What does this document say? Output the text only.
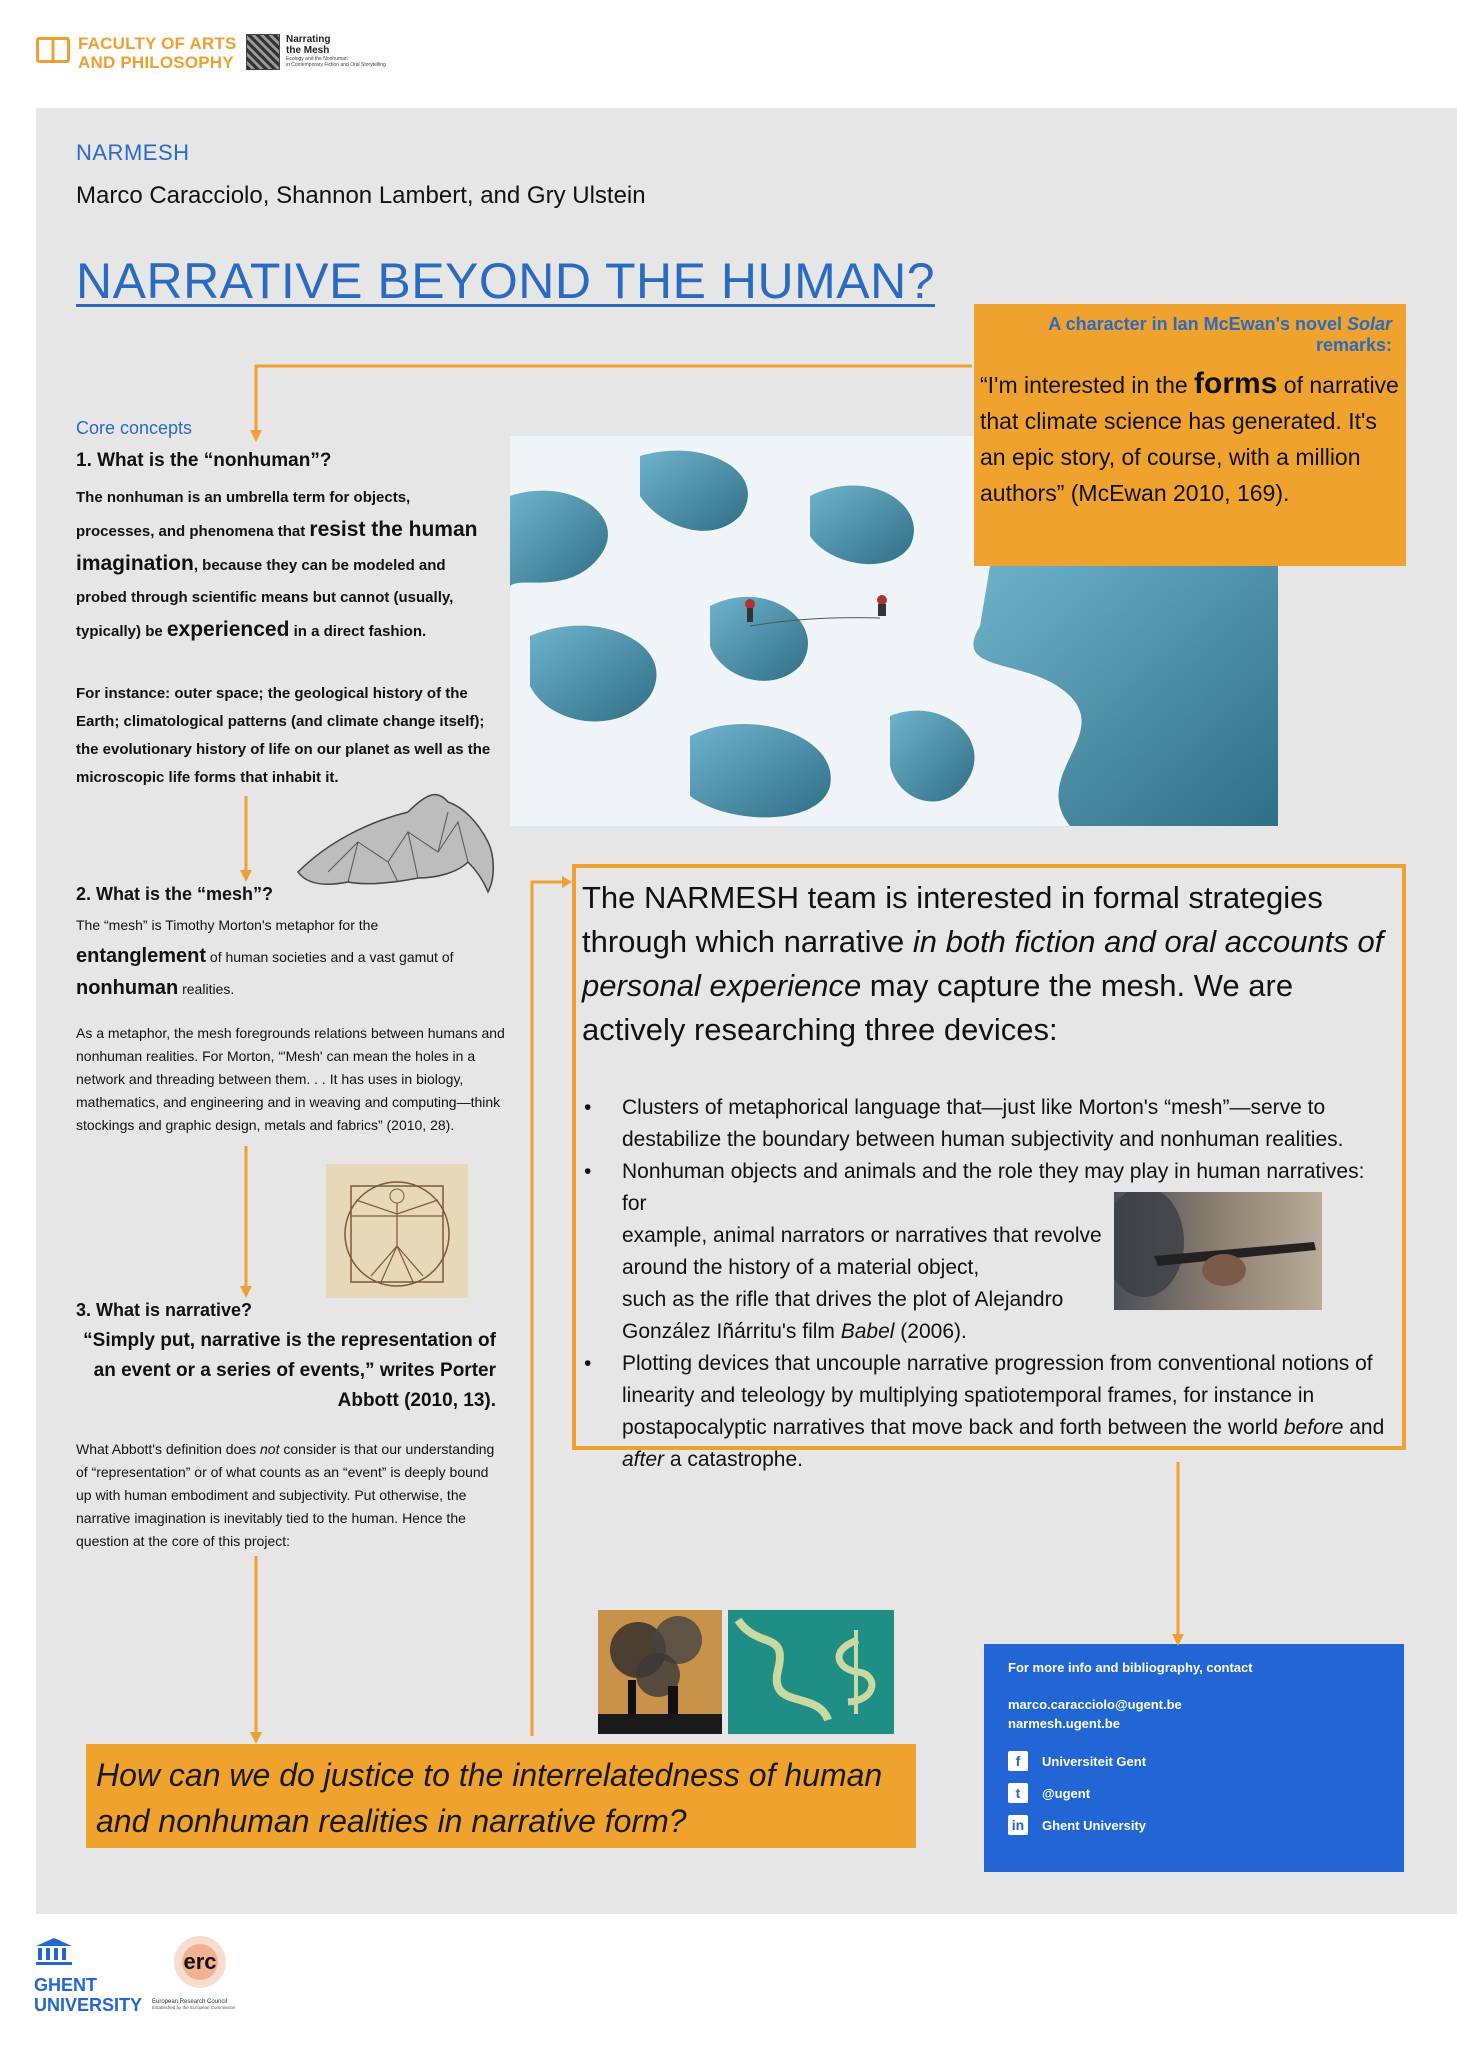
FACULTY OF ARTS
AND PHILOSOPHY
Narrating
the Mesh
Ecology and the Nonhuman
in Contemporary Fiction and Oral Storytelling
NARMESH
Marco Caracciolo, Shannon Lambert, and Gry Ulstein
NARRATIVE BEYOND THE HUMAN?
A character in Ian McEwan's novel Solar remarks:
“I'm interested in the forms of narrative that climate science has generated. It's an epic story, of course, with a million authors” (McEwan 2010, 169).
Core concepts
1. What is the “nonhuman”?
The nonhuman is an umbrella term for objects, processes, and phenomena that resist the human imagination, because they can be modeled and probed through scientific means but cannot (usually, typically) be experienced in a direct fashion.
For instance: outer space; the geological history of the Earth; climatological patterns (and climate change itself); the evolutionary history of life on our planet as well as the microscopic life forms that inhabit it.
2. What is the “mesh”?
The “mesh” is Timothy Morton's metaphor for the entanglement of human societies and a vast gamut of nonhuman realities.
As a metaphor, the mesh foregrounds relations between humans and nonhuman realities. For Morton, “'Mesh' can mean the holes in a network and threading between them. . . It has uses in biology, mathematics, and engineering and in weaving and computing—think stockings and graphic design, metals and fabrics” (2010, 28).
3. What is narrative?
“Simply put, narrative is the representation of an event or a series of events,” writes Porter Abbott (2010, 13).
What Abbott's definition does not consider is that our understanding of “representation” or of what counts as an “event” is deeply bound up with human embodiment and subjectivity. Put otherwise, the narrative imagination is inevitably tied to the human. Hence the question at the core of this project:
The NARMESH team is interested in formal strategies through which narrative in both fiction and oral accounts of personal experience may capture the mesh. We are actively researching three devices:
• Clusters of metaphorical language that—just like Morton's “mesh”—serve to destabilize the boundary between human subjectivity and nonhuman realities.
• Nonhuman objects and animals and the role they may play in human narratives: for
example, animal narrators or narratives that revolve
around the history of a material object,
such as the rifle that drives the plot of Alejandro
González Iñárritu's film Babel (2006).
• Plotting devices that uncouple narrative progression from conventional notions of linearity and teleology by multiplying spatiotemporal frames, for instance in postapocalyptic narratives that move back and forth between the world before and after a catastrophe.
How can we do justice to the interrelatedness of human and nonhuman realities in narrative form?
For more info and bibliography, contact
marco.caracciolo@ugent.be
narmesh.ugent.be
f	Universiteit Gent
t	@ugent
in Ghent University
GHENT
UNIVERSITY
erc
European Research Council
Established by the European Commission
